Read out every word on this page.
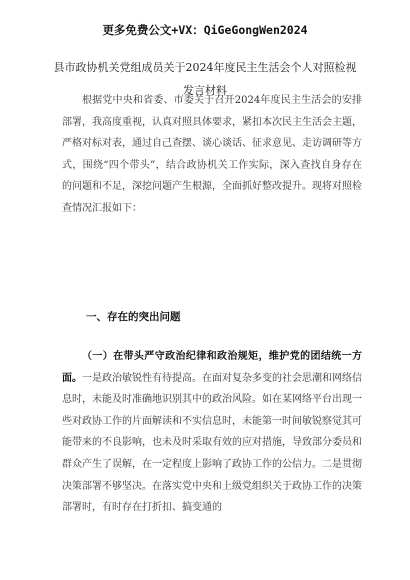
更多免费公文+VX：QiGeGongWen2024
县市政协机关党组成员关于2024年度民主生活会个人对照检视发言材料

根据党中央和省委、市委关于召开2024年度民主生活会的安排部署，我高度重视，认真对照具体要求，紧扣本次民主生活会主题，严格对标对表，通过自己查摆、谈心谈话、征求意见、走访调研等方式，围绕“四个带头”，结合政协机关工作实际，深入查找自身存在的问题和不足，深挖问题产生根源，全面抓好整改提升。现将对照检查情况汇报如下：

一、存在的突出问题

（一）在带头严守政治纪律和政治规矩，维护党的团结统一方面。一是政治敏锐性有待提高。在面对复杂多变的社会思潮和网络信息时，未能及时准确地识别其中的政治风险。如在某网络平台出现一些对政协工作的片面解读和不实信息时，未能第一时间敏锐察觉其可能带来的不良影响，也未及时采取有效的应对措施，导致部分委员和群众产生了误解，在一定程度上影响了政协工作的公信力。二是贯彻决策部署不够坚决。在落实党中央和上级党组织关于政协工作的决策部署时，有时存在打折扣、搞变通的
